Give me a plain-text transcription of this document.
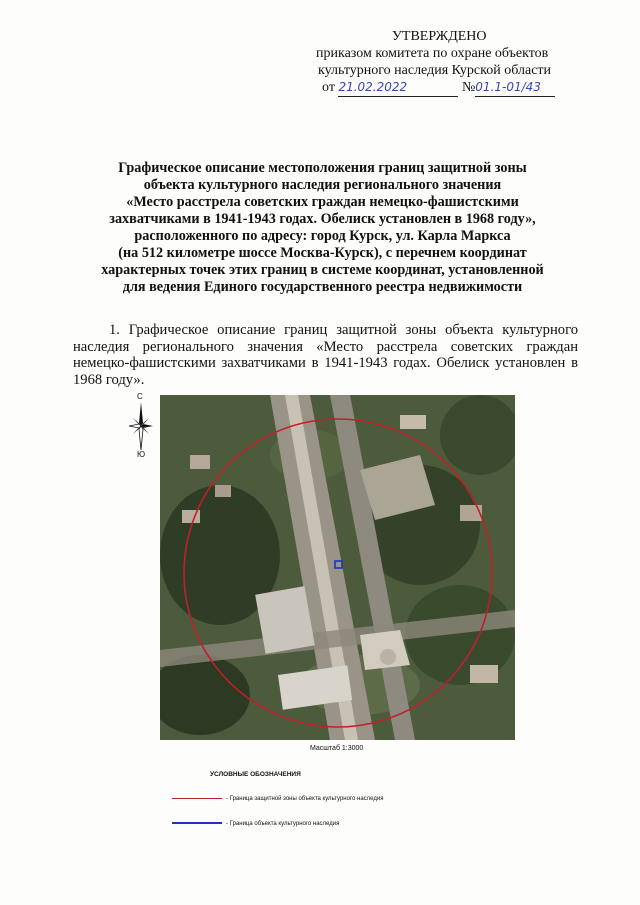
УТВЕРЖДЕНО
приказом комитета по охране объектов
культурного наследия Курской области
от 21.02.2022	№01.1-01/43
Графическое описание местоположения границ защитной зоны
объекта культурного наследия регионального значения
«Место расстрела советских граждан немецко-фашистскими
захватчиками в 1941-1943 годах. Обелиск установлен в 1968 году»,
расположенного по адресу: город Курск, ул. Карла Маркса
(на 512 километре шоссе Москва-Курск), с перечнем координат
характерных точек этих границ в системе координат, установленной
для ведения Единого государственного реестра недвижимости
1. Графическое описание границ защитной зоны объекта культурного наследия регионального значения «Место расстрела советских граждан немецко-фашистскими захватчиками в 1941-1943 годах. Обелиск установлен в 1968 году».
С
Ю
Масштаб 1:3000
УСЛОВНЫЕ ОБОЗНАЧЕНИЯ
- Граница защитной зоны объекта культурного наследия
- Граница объекта культурного наследия
